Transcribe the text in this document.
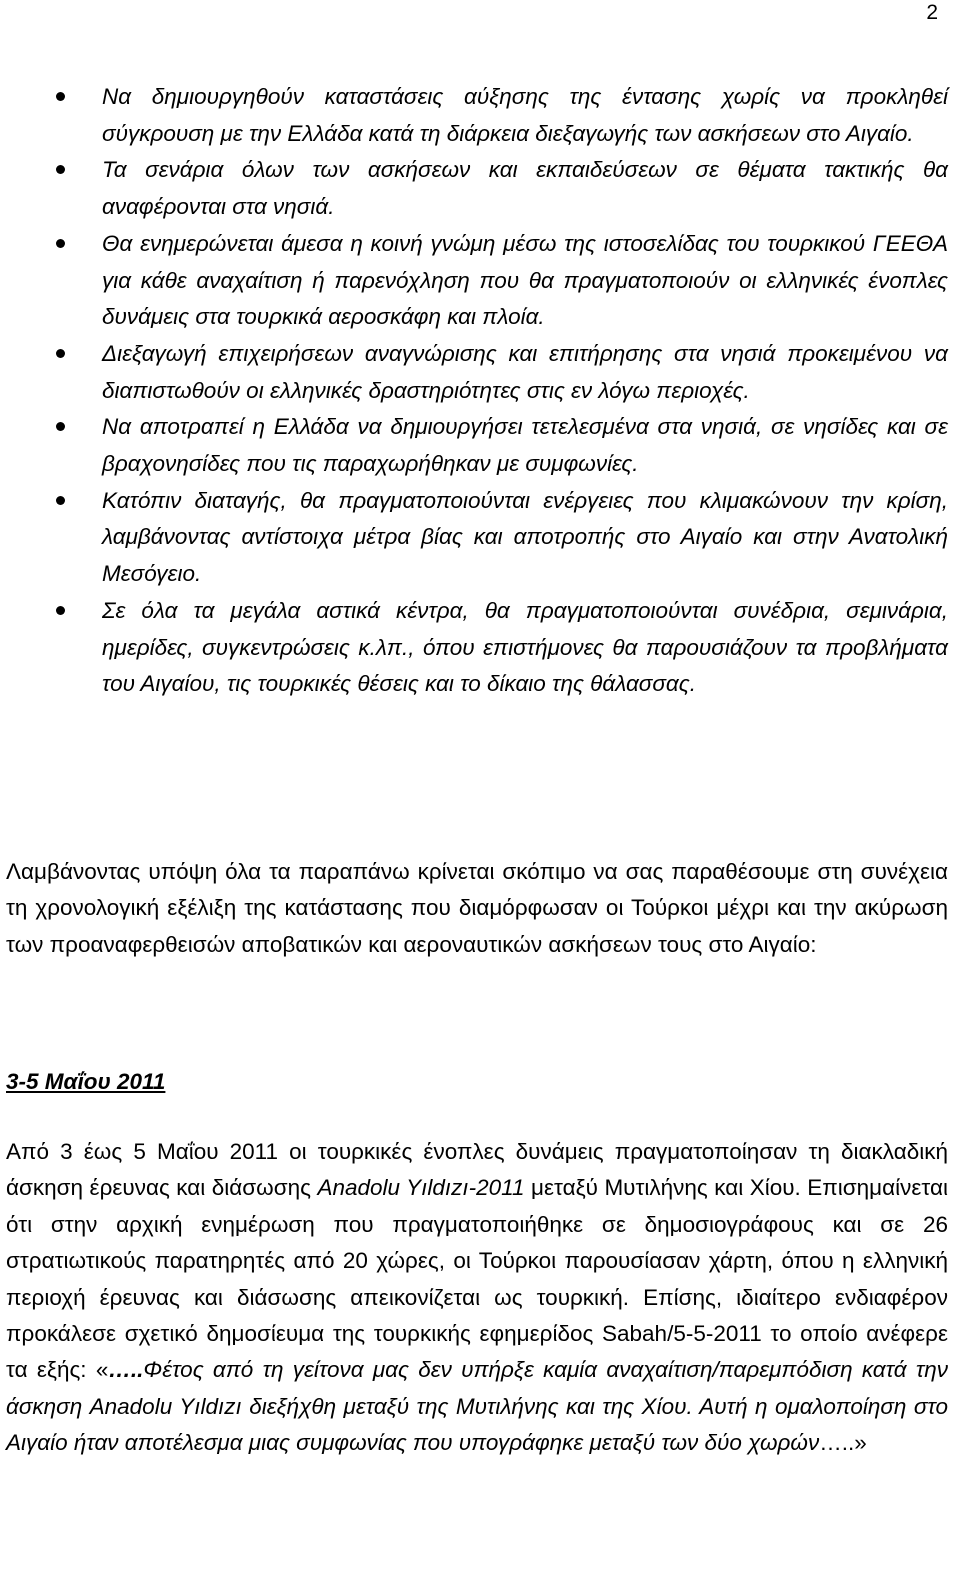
2
Να δημιουργηθούν καταστάσεις αύξησης της έντασης χωρίς να προκληθεί σύγκρουση με την Ελλάδα κατά τη διάρκεια διεξαγωγής των ασκήσεων στο Αιγαίο.
Τα σενάρια όλων των ασκήσεων και εκπαιδεύσεων σε θέματα τακτικής θα αναφέρονται στα νησιά.
Θα ενημερώνεται άμεσα η κοινή γνώμη μέσω της ιστοσελίδας του τουρκικού ΓΕΕΘΑ για κάθε αναχαίτιση ή παρενόχληση που θα πραγματοποιούν οι ελληνικές ένοπλες δυνάμεις στα τουρκικά αεροσκάφη και πλοία.
Διεξαγωγή επιχειρήσεων αναγνώρισης και επιτήρησης στα νησιά προκειμένου να διαπιστωθούν οι ελληνικές δραστηριότητες στις εν λόγω περιοχές.
Να αποτραπεί η Ελλάδα να δημιουργήσει τετελεσμένα στα νησιά, σε νησίδες και σε βραχονησίδες που τις παραχωρήθηκαν με συμφωνίες.
Κατόπιν διαταγής, θα πραγματοποιούνται ενέργειες που κλιμακώνουν την κρίση, λαμβάνοντας αντίστοιχα μέτρα βίας και αποτροπής στο Αιγαίο και στην Ανατολική Μεσόγειο.
Σε όλα τα μεγάλα αστικά κέντρα, θα πραγματοποιούνται συνέδρια, σεμινάρια, ημερίδες, συγκεντρώσεις κ.λπ., όπου επιστήμονες θα παρουσιάζουν τα προβλήματα του Αιγαίου, τις τουρκικές θέσεις και το δίκαιο της θάλασσας.

Λαμβάνοντας υπόψη όλα τα παραπάνω κρίνεται σκόπιμο να σας παραθέσουμε στη συνέχεια τη χρονολογική εξέλιξη της κατάστασης που διαμόρφωσαν οι Τούρκοι μέχρι και την ακύρωση των προαναφερθεισών αποβατικών και αεροναυτικών ασκήσεων τους στο Αιγαίο:

3-5 Μαΐου 2011

Από 3 έως 5 Μαΐου 2011 οι τουρκικές ένοπλες δυνάμεις πραγματοποίησαν τη διακλαδική άσκηση έρευνας και διάσωσης Anadolu Yıldızı-2011 μεταξύ Μυτιλήνης και Χίου. Επισημαίνεται ότι στην αρχική ενημέρωση που πραγματοποιήθηκε σε δημοσιογράφους και σε 26 στρατιωτικούς παρατηρητές από 20 χώρες, οι Τούρκοι παρουσίασαν χάρτη, όπου η ελληνική περιοχή έρευνας και διάσωσης απεικονίζεται ως τουρκική. Επίσης, ιδιαίτερο ενδιαφέρον προκάλεσε σχετικό δημοσίευμα της τουρκικής εφημερίδος Sabah/5-5-2011 το οποίο ανέφερε τα εξής: «…..Φέτος από τη γείτονα μας δεν υπήρξε καμία αναχαίτιση/παρεμπόδιση κατά την άσκηση Anadolu Yıldızı διεξήχθη μεταξύ της Μυτιλήνης και της Χίου. Αυτή η ομαλοποίηση στο Αιγαίο ήταν αποτέλεσμα μιας συμφωνίας που υπογράφηκε μεταξύ των δύο χωρών…..»
